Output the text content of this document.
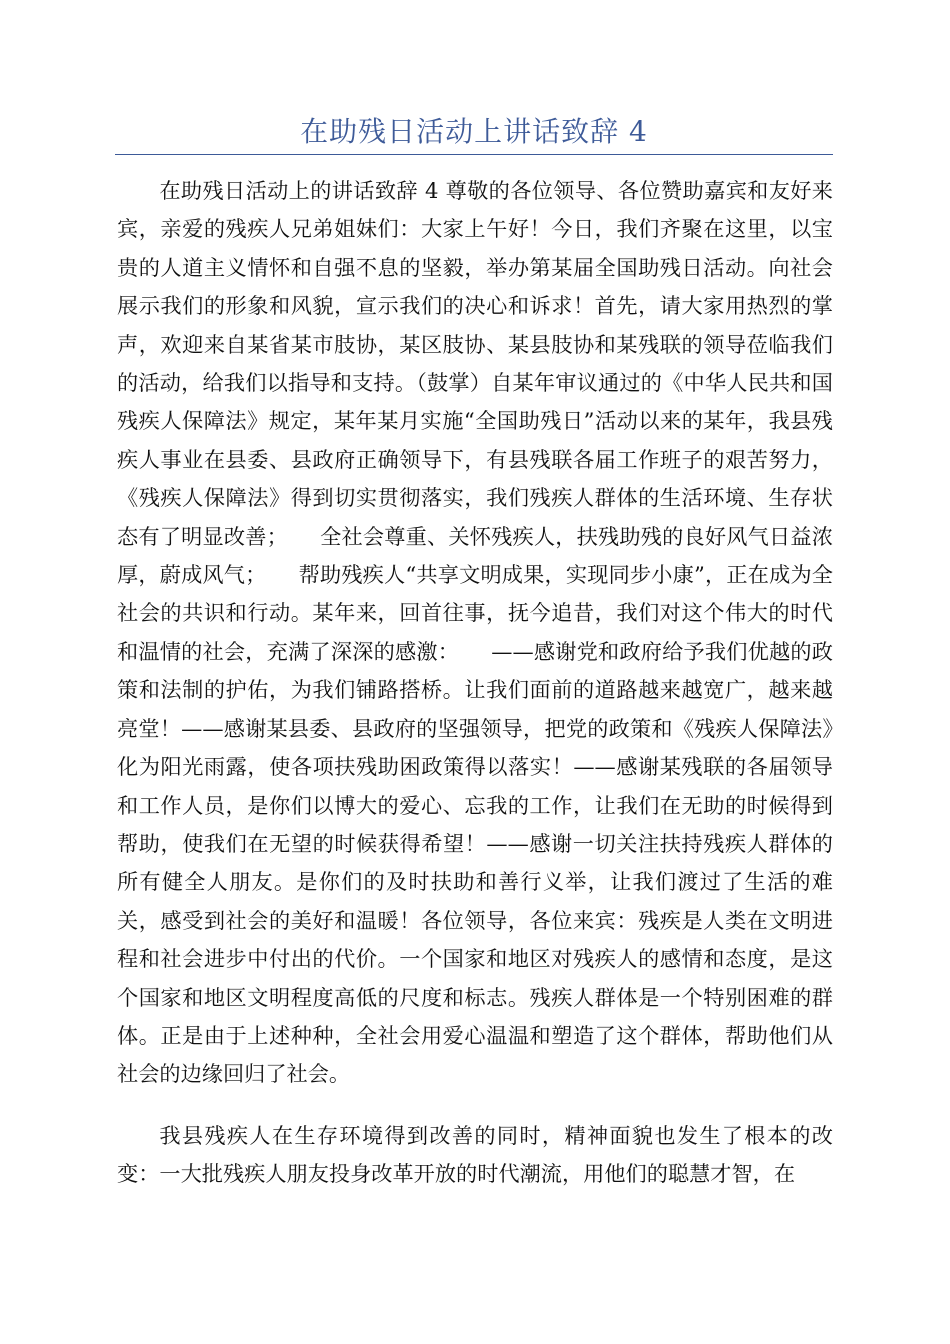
在助残日活动上讲话致辞 4

在助残日活动上的讲话致辞 4 尊敬的各位领导、各位赞助嘉宾和友好来宾，亲爱的残疾人兄弟姐妹们：大家上午好！今日，我们齐聚在这里，以宝贵的人道主义情怀和自强不息的坚毅，举办第某届全国助残日活动。向社会展示我们的形象和风貌，宣示我们的决心和诉求！首先，请大家用热烈的掌声，欢迎来自某省某市肢协，某区肢协、某县肢协和某残联的领导莅临我们的活动，给我们以指导和支持。（鼓掌）自某年审议通过的《中华人民共和国残疾人保障法》规定，某年某月实施“全国助残日”活动以来的某年，我县残疾人事业在县委、县政府正确领导下，有县残联各届工作班子的艰苦努力，《残疾人保障法》得到切实贯彻落实，我们残疾人群体的生活环境、生存状态有了明显改善；　　全社会尊重、关怀残疾人，扶残助残的良好风气日益浓厚，蔚成风气；　　帮助残疾人“共享文明成果，实现同步小康”，正在成为全社会的共识和行动。某年来，回首往事，抚今追昔，我们对这个伟大的时代和温情的社会，充满了深深的感激：　　——感谢党和政府给予我们优越的政策和法制的护佑，为我们铺路搭桥。让我们面前的道路越来越宽广，越来越亮堂！——感谢某县委、县政府的坚强领导，把党的政策和《残疾人保障法》化为阳光雨露，使各项扶残助困政策得以落实！——感谢某残联的各届领导和工作人员，是你们以博大的爱心、忘我的工作，让我们在无助的时候得到帮助，使我们在无望的时候获得希望！——感谢一切关注扶持残疾人群体的所有健全人朋友。是你们的及时扶助和善行义举，让我们渡过了生活的难关，感受到社会的美好和温暖！各位领导，各位来宾：残疾是人类在文明进程和社会进步中付出的代价。一个国家和地区对残疾人的感情和态度，是这个国家和地区文明程度高低的尺度和标志。残疾人群体是一个特别困难的群体。正是由于上述种种，全社会用爱心温温和塑造了这个群体，帮助他们从社会的边缘回归了社会。

我县残疾人在生存环境得到改善的同时，精神面貌也发生了根本的改变：一大批残疾人朋友投身改革开放的时代潮流，用他们的聪慧才智，在
